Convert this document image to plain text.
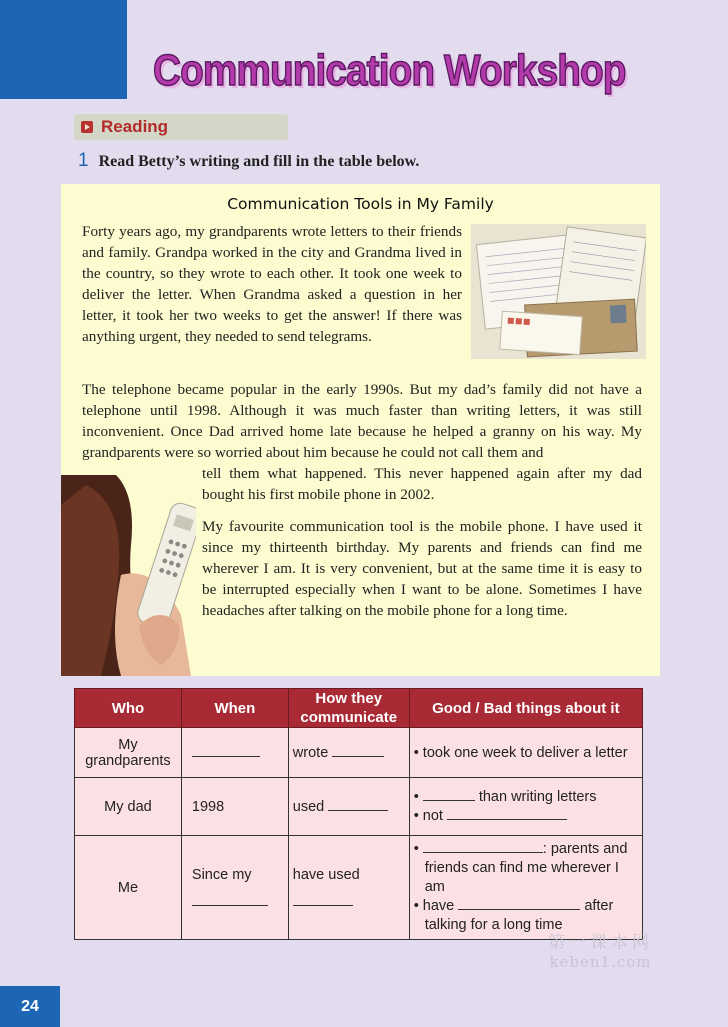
Communication Workshop
Reading
1 Read Betty’s writing and fill in the table below.
Communication Tools in My Family

Forty years ago, my grandparents wrote letters to their friends and family. Grandpa worked in the city and Grandma lived in the country, so they wrote to each other. It took one week to deliver the letter. When Grandma asked a question in her letter, it took her two weeks to get the answer! If there was anything urgent, they needed to send telegrams.

The telephone became popular in the early 1990s. But my dad’s family did not have a telephone until 1998. Although it was much faster than writing letters, it was still inconvenient. Once Dad arrived home late because he helped a granny on his way. My grandparents were so worried about him because he could not call them and

tell them what happened. This never happened again after my dad bought his first mobile phone in 2002.

My favourite communication tool is the mobile phone. I have used it since my thirteenth birthday. My parents and friends can find me wherever I am. It is very convenient, but at the same time it is easy to be interrupted especially when I want to be alone. Sometimes I have headaches after talking on the mobile phone for a long time.

Who	When	How they communicate	Good / Bad things about it
My grandparents		wrote	• took one week to deliver a letter
My dad	1998	used	• than writing letters
• not

Me	Since my	have used	• : parents and
friends can find me wherever I am
• have after
talking for a long time
第一课本网
keben1.com
24
